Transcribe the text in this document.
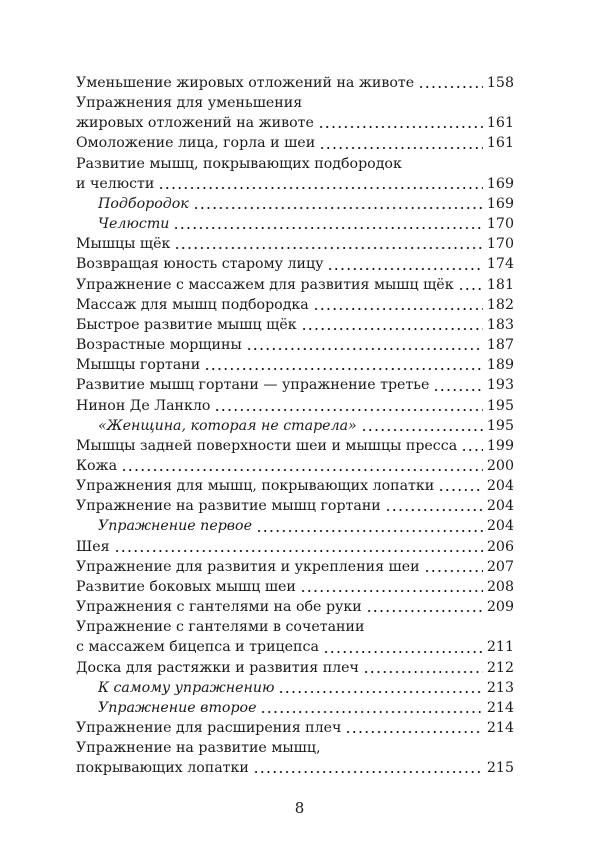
Уменьшение жировых отложений на животе	158
Упражнения для уменьшения
жировых отложений на животе	161
Омоложение лица, горла и шеи	161
Развитие мышц, покрывающих подбородок
и челюсти	169
Подбородок	169
Челюсти	170
Мышцы щёк	170
Возвращая юность старому лицу	174
Упражнение с массажем для развития мышц щёк 181
Массаж для мышц подбородка	182
Быстрое развитие мышц щёк	183
Возрастные морщины	187
Мышцы гортани	189
Развитие мышц гортани — упражнение третье	193
Нинон Де Ланкло	195
«Женщина, которая не старела»	195
Мышцы задней поверхности шеи и мышцы пресса 199
Кожа	200
Упражнения для мышц, покрывающих лопатки	204
Упражнение на развитие мышц гортани	204
Упражнение первое	204
Шея	206
Упражнение для развития и укрепления шеи	207
Развитие боковых мышц шеи	208
Упражнения с гантелями на обе руки	209
Упражнение с гантелями в сочетании
с массажем бицепса и трицепса	211
Доска для растяжки и развития плеч	212
К самому упражнению	213
Упражнение второе	214
Упражнение для расширения плеч	214
Упражнение на развитие мышц,
покрывающих лопатки	215
8
